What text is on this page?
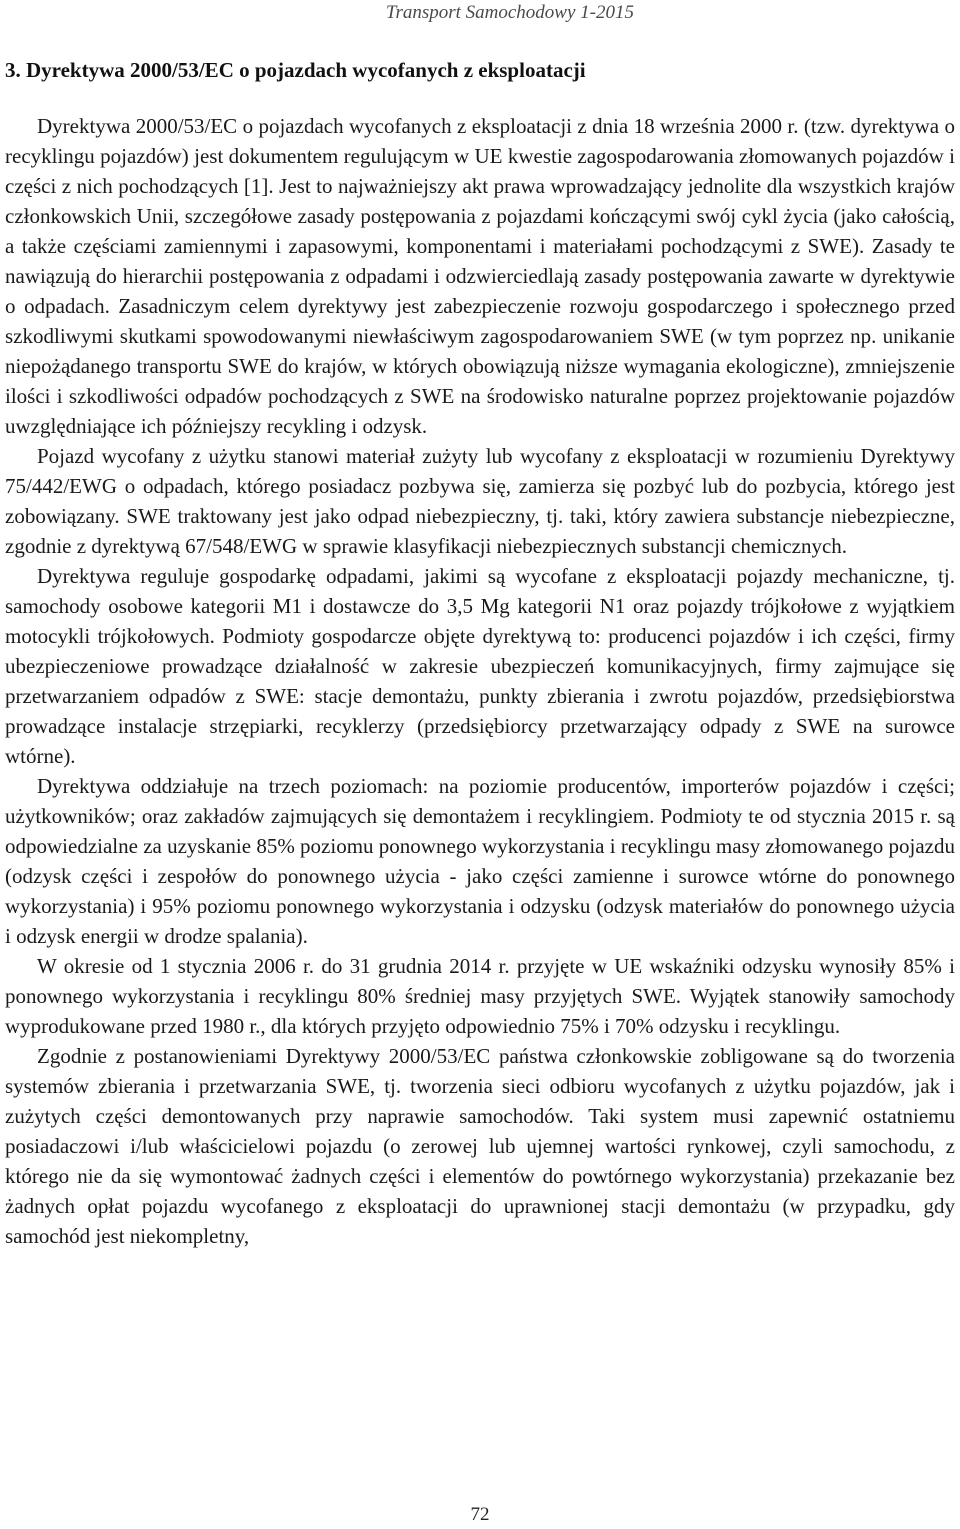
Transport Samochodowy 1-2015
3. Dyrektywa 2000/53/EC o pojazdach wycofanych z eksploatacji

Dyrektywa 2000/53/EC o pojazdach wycofanych z eksploatacji z dnia 18 września 2000 r. (tzw. dyrektywa o recyklingu pojazdów) jest dokumentem regulującym w UE kwestie zagospodarowania złomowanych pojazdów i części z nich pochodzących [1]. Jest to najważniejszy akt prawa wprowadzający jednolite dla wszystkich krajów członkowskich Unii, szczegółowe zasady postępowania z pojazdami kończącymi swój cykl życia (jako całością, a także częściami zamiennymi i zapasowymi, komponentami i materiałami pochodzącymi z SWE). Zasady te nawiązują do hierarchii postępowania z odpadami i odzwierciedlają zasady postępowania zawarte w dyrektywie o odpadach. Zasadniczym celem dyrektywy jest zabezpieczenie rozwoju gospodarczego i społecznego przed szkodliwymi skutkami spowodowanymi niewłaściwym zagospodarowaniem SWE (w tym poprzez np. unikanie niepożądanego transportu SWE do krajów, w których obowiązują niższe wymagania ekologiczne), zmniejszenie ilości i szkodliwości odpadów pochodzących z SWE na środowisko naturalne poprzez projektowanie pojazdów uwzględniające ich późniejszy recykling i odzysk.

Pojazd wycofany z użytku stanowi materiał zużyty lub wycofany z eksploatacji w rozumieniu Dyrektywy 75/442/EWG o odpadach, którego posiadacz pozbywa się, zamierza się pozbyć lub do pozbycia, którego jest zobowiązany. SWE traktowany jest jako odpad niebezpieczny, tj. taki, który zawiera substancje niebezpieczne, zgodnie z dyrektywą 67/548/EWG w sprawie klasyfikacji niebezpiecznych substancji chemicznych.

Dyrektywa reguluje gospodarkę odpadami, jakimi są wycofane z eksploatacji pojazdy mechaniczne, tj. samochody osobowe kategorii M1 i dostawcze do 3,5 Mg kategorii N1 oraz pojazdy trójkołowe z wyjątkiem motocykli trójkołowych. Podmioty gospodarcze objęte dyrektywą to: producenci pojazdów i ich części, firmy ubezpieczeniowe prowadzące działalność w zakresie ubezpieczeń komunikacyjnych, firmy zajmujące się przetwarzaniem odpadów z SWE: stacje demontażu, punkty zbierania i zwrotu pojazdów, przedsiębiorstwa prowadzące instalacje strzępiarki, recyklerzy (przedsiębiorcy przetwarzający odpady z SWE na surowce wtórne).

Dyrektywa oddziałuje na trzech poziomach: na poziomie producentów, importerów pojazdów i części; użytkowników; oraz zakładów zajmujących się demontażem i recyklingiem. Podmioty te od stycznia 2015 r. są odpowiedzialne za uzyskanie 85% poziomu ponownego wykorzystania i recyklingu masy złomowanego pojazdu (odzysk części i zespołów do ponownego użycia - jako części zamienne i surowce wtórne do ponownego wykorzystania) i 95% poziomu ponownego wykorzystania i odzysku (odzysk materiałów do ponownego użycia i odzysk energii w drodze spalania).

W okresie od 1 stycznia 2006 r. do 31 grudnia 2014 r. przyjęte w UE wskaźniki odzysku wynosiły 85% i ponownego wykorzystania i recyklingu 80% średniej masy przyjętych SWE. Wyjątek stanowiły samochody wyprodukowane przed 1980 r., dla których przyjęto odpowiednio 75% i 70% odzysku i recyklingu.

Zgodnie z postanowieniami Dyrektywy 2000/53/EC państwa członkowskie zobligowane są do tworzenia systemów zbierania i przetwarzania SWE, tj. tworzenia sieci odbioru wycofanych z użytku pojazdów, jak i zużytych części demontowanych przy naprawie samochodów. Taki system musi zapewnić ostatniemu posiadaczowi i/lub właścicielowi pojazdu (o zerowej lub ujemnej wartości rynkowej, czyli samochodu, z którego nie da się wymontować żadnych części i elementów do powtórnego wykorzystania) przekazanie bez żadnych opłat pojazdu wycofanego z eksploatacji do uprawnionej stacji demontażu (w przypadku, gdy samochód jest niekompletny,

72
